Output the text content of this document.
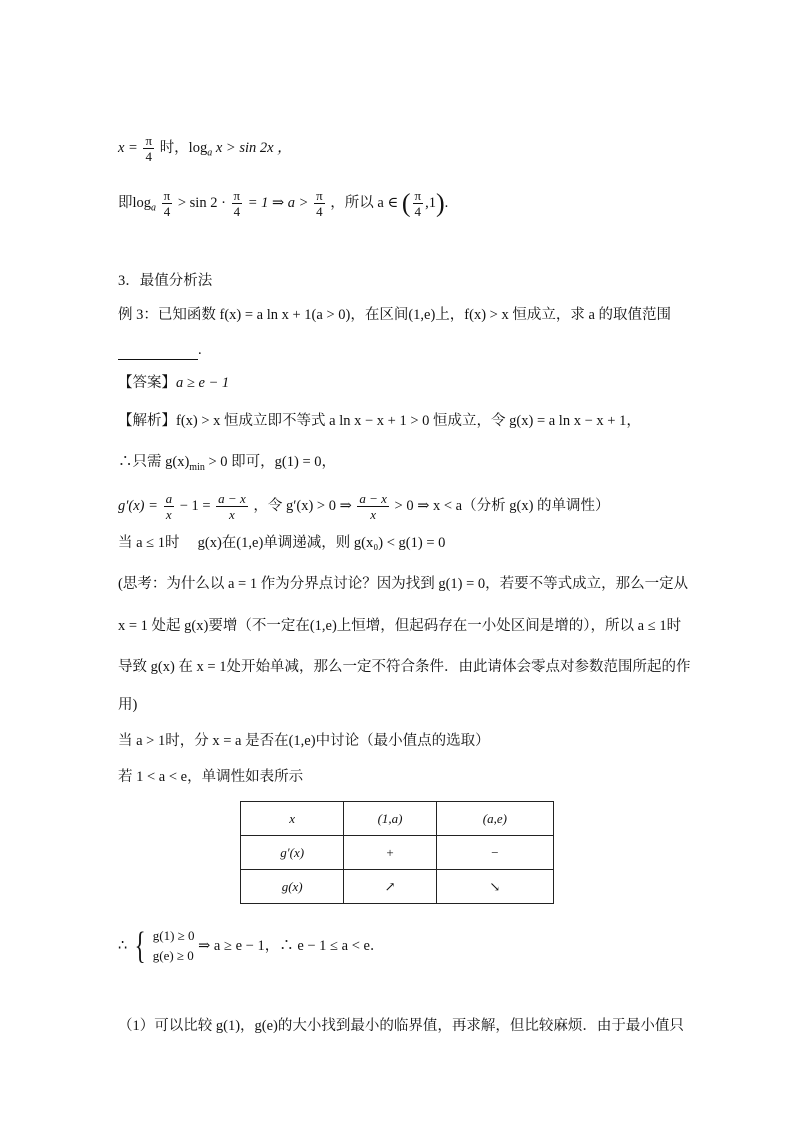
$x = \frac{\pi}{4}$ 时，$\log_a x > \sin 2x$ ，
即$\log_a \frac{\pi}{4} > \sin 2 \cdot \frac{\pi}{4} = 1$ ⇒ $a > \frac{\pi}{4}$ ，所以 a ∈ ( $\frac{\pi}{4} ,1$).
3．最值分析法
例 3：已知函数 f(x) = a ln x + 1(a > 0)，在区间(1,e)上，f(x) > x 恒成立，求 a 的取值范围
.
【答案】a ≥ e − 1
【解析】f(x) > x 恒成立即不等式 a ln x − x + 1 > 0 恒成立，令 g(x) = a ln x − x + 1，
∴只需 $g(x)_{min} > 0$ 即可，g(1) = 0，
$g'(x) = \frac{a}{x} - 1 = \frac{a - x}{x}$ ，令 g′(x) > 0 ⇒ $\frac{a - x}{x} > 0$ ⇒ x < a（分析 g(x) 的单调性）
当 a ≤ 1时　 g(x)在(1,e)单调递减，则 g(x₀) < g(1) = 0
(思考：为什么以 a = 1 作为分界点讨论？因为找到 g(1) = 0，若要不等式成立，那么一定从
x = 1 处起 g(x)要增（不一定在(1,e)上恒增，但起码存在一小处区间是增的），所以 a ≤ 1时
导致 g(x) 在 x = 1处开始单减，那么一定不符合条件．由此请体会零点对参数范围所起的作
用)
当 a > 1时，分 x = a 是否在(1,e)中讨论（最小值点的选取）
若 1 < a < e，单调性如表所示
x	(1,a)	(a,e)
g′(x)	+	−
g(x)	↗	↘
∴ { g(1) ≥ 0
g(e) ≥ 0
⇒ a ≥ e − 1，∴ e − 1 ≤ a < e．
（1）可以比较 g(1)，g(e)的大小找到最小的临界值，再求解，但比较麻烦．由于最小值只
